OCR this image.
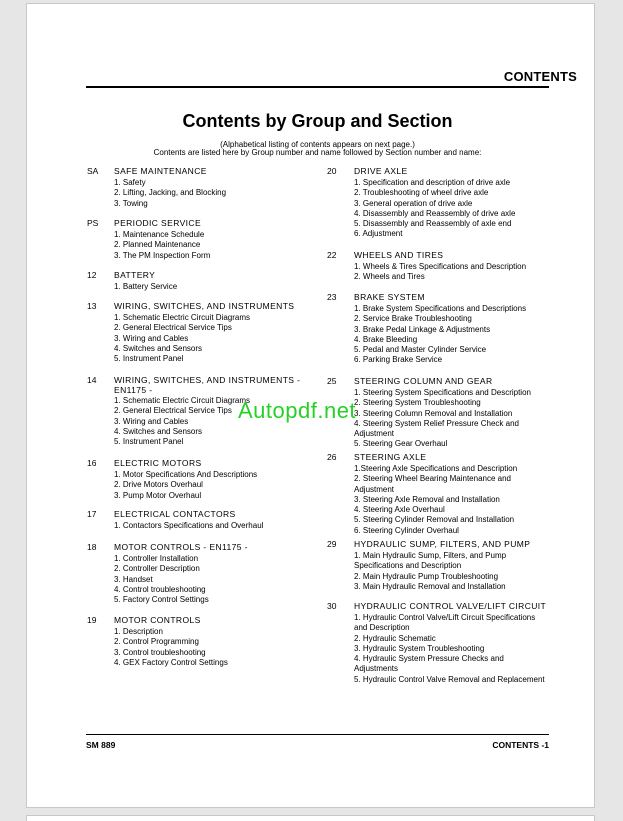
CONTENTS
Contents by Group and Section
(Alphabetical listing of contents appears on next page.)
Contents are listed here by Group number and name followed by Section number and name:
SA SAFE MAINTENANCE
1. Safety
2. Lifting, Jacking, and Blocking
3. Towing
PS PERIODIC SERVICE
1. Maintenance Schedule
2. Planned Maintenance
3. The PM Inspection Form
12 BATTERY
1. Battery Service
13 WIRING, SWITCHES, AND INSTRUMENTS
1. Schematic Electric Circuit Diagrams
2. General Electrical Service Tips
3. Wiring and Cables
4. Switches and Sensors
5. Instrument Panel
14 WIRING, SWITCHES, AND INSTRUMENTS - EN1175 -
1. Schematic Electric Circuit Diagrams
2. General Electrical Service Tips
3. Wiring and Cables
4. Switches and Sensors
5. Instrument Panel
16 ELECTRIC MOTORS
1. Motor Specifications And Descriptions
2. Drive Motors Overhaul
3. Pump Motor Overhaul
17 ELECTRICAL CONTACTORS
1. Contactors Specifications and Overhaul
18 MOTOR CONTROLS - EN1175 -
1. Controller Installation
2. Controller Description
3. Handset
4. Control troubleshooting
5. Factory Control Settings
19 MOTOR CONTROLS
1. Description
2. Control Programming
3. Control troubleshooting
4. GEX Factory Control Settings
20 DRIVE AXLE
1. Specification and description of drive axle
2. Troubleshooting of wheel drive axle
3. General operation of drive axle
4. Disassembly and Reassembly of drive axle
5. Disassembly and Reassembly of axle end
6. Adjustment
22 WHEELS AND TIRES
1. Wheels & Tires Specifications and Description
2. Wheels and Tires
23 BRAKE SYSTEM
1. Brake System Specifications and Descriptions
2. Service Brake Troubleshooting
3. Brake Pedal Linkage & Adjustments
4. Brake Bleeding
5. Pedal and Master Cylinder Service
6. Parking Brake Service
25 STEERING COLUMN AND GEAR
1. Steering System Specifications and Description
2. Steering System Troubleshooting
3. Steering Column Removal and Installation
4. Steering System Relief Pressure Check and Adjustment
5. Steering Gear Overhaul
26 STEERING AXLE
1.Steering Axle Specifications and Description
2. Steering Wheel Bearing Maintenance and Adjustment
3. Steering Axle Removal and Installation
4. Steering Axle Overhaul
5. Steering Cylinder Removal and Installation
6. Steering Cylinder Overhaul
29 HYDRAULIC SUMP, FILTERS, AND PUMP
1. Main Hydraulic Sump, Filters, and Pump Specifications and Description
2. Main Hydraulic Pump Troubleshooting
3. Main Hydraulic Removal and Installation
30 HYDRAULIC CONTROL VALVE/LIFT CIRCUIT
1. Hydraulic Control Valve/Lift Circuit Specifications and Description
2. Hydraulic Schematic
3. Hydraulic System Troubleshooting
4. Hydraulic System Pressure Checks and Adjustments
5. Hydraulic Control Valve Removal and Replacement
Autopdf.net
SM 889	CONTENTS -1
